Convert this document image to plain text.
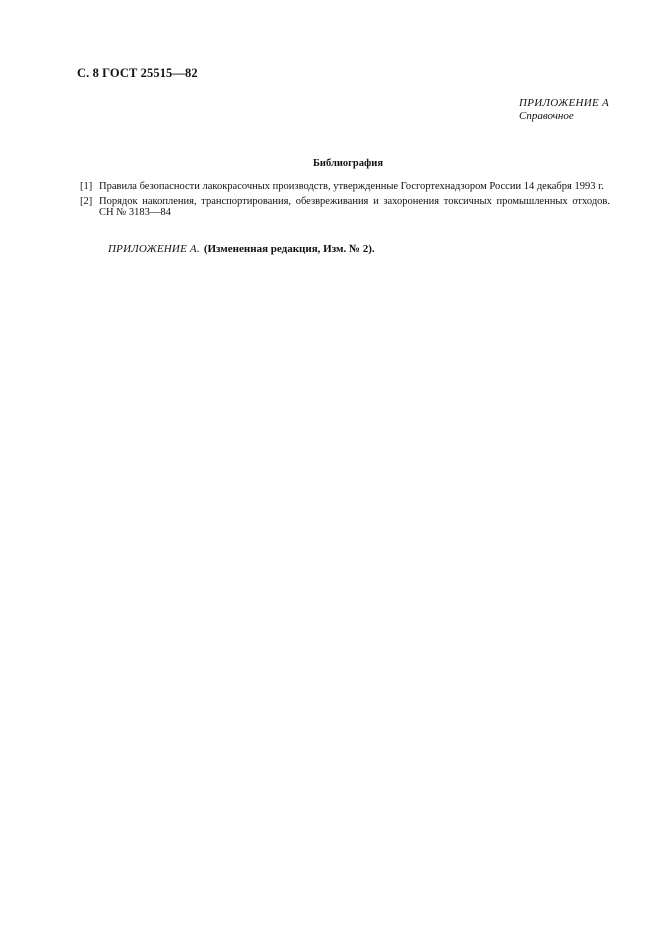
С. 8 ГОСТ 25515—82
ПРИЛОЖЕНИЕ А
Справочное
Библиография
[1] Правила безопасности лакокрасочных производств, утвержденные Госгортехнадзором России 14 декабря 1993 г.
[2] Порядок накопления, транспортирования, обезвреживания и захоронения токсичных промышленных отходов. СН № 3183—84
ПРИЛОЖЕНИЕ А. (Измененная редакция, Изм. № 2).
